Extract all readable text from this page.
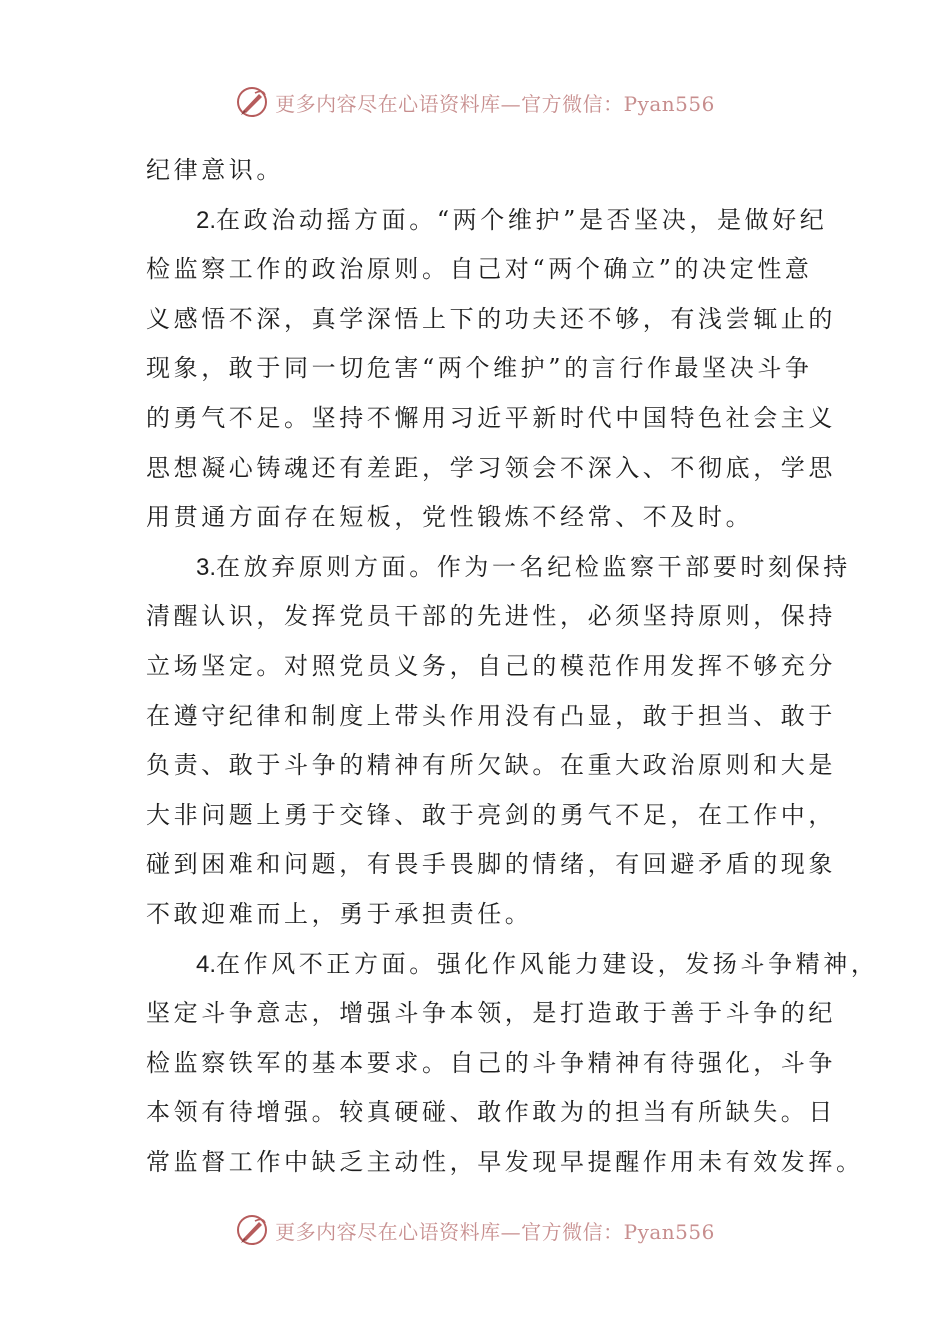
更多内容尽在心语资料库—官方微信：Pyan556
纪律意识。
2.在政治动摇方面。“两个维护”是否坚决，是做好纪
检监察工作的政治原则。自己对“两个确立”的决定性意
义感悟不深，真学深悟上下的功夫还不够，有浅尝辄止的
现象，敢于同一切危害“两个维护”的言行作最坚决斗争
的勇气不足。坚持不懈用习近平新时代中国特色社会主义
思想凝心铸魂还有差距，学习领会不深入、不彻底，学思
用贯通方面存在短板，党性锻炼不经常、不及时。
3.在放弃原则方面。作为一名纪检监察干部要时刻保持
清醒认识，发挥党员干部的先进性，必须坚持原则，保持
立场坚定。对照党员义务，自己的模范作用发挥不够充分
在遵守纪律和制度上带头作用没有凸显，敢于担当、敢于
负责、敢于斗争的精神有所欠缺。在重大政治原则和大是
大非问题上勇于交锋、敢于亮剑的勇气不足，在工作中，
碰到困难和问题，有畏手畏脚的情绪，有回避矛盾的现象
不敢迎难而上，勇于承担责任。
4.在作风不正方面。强化作风能力建设，发扬斗争精神，
坚定斗争意志，增强斗争本领，是打造敢于善于斗争的纪
检监察铁军的基本要求。自己的斗争精神有待强化，斗争
本领有待增强。较真硬碰、敢作敢为的担当有所缺失。日
常监督工作中缺乏主动性，早发现早提醒作用未有效发挥。
更多内容尽在心语资料库—官方微信：Pyan556
